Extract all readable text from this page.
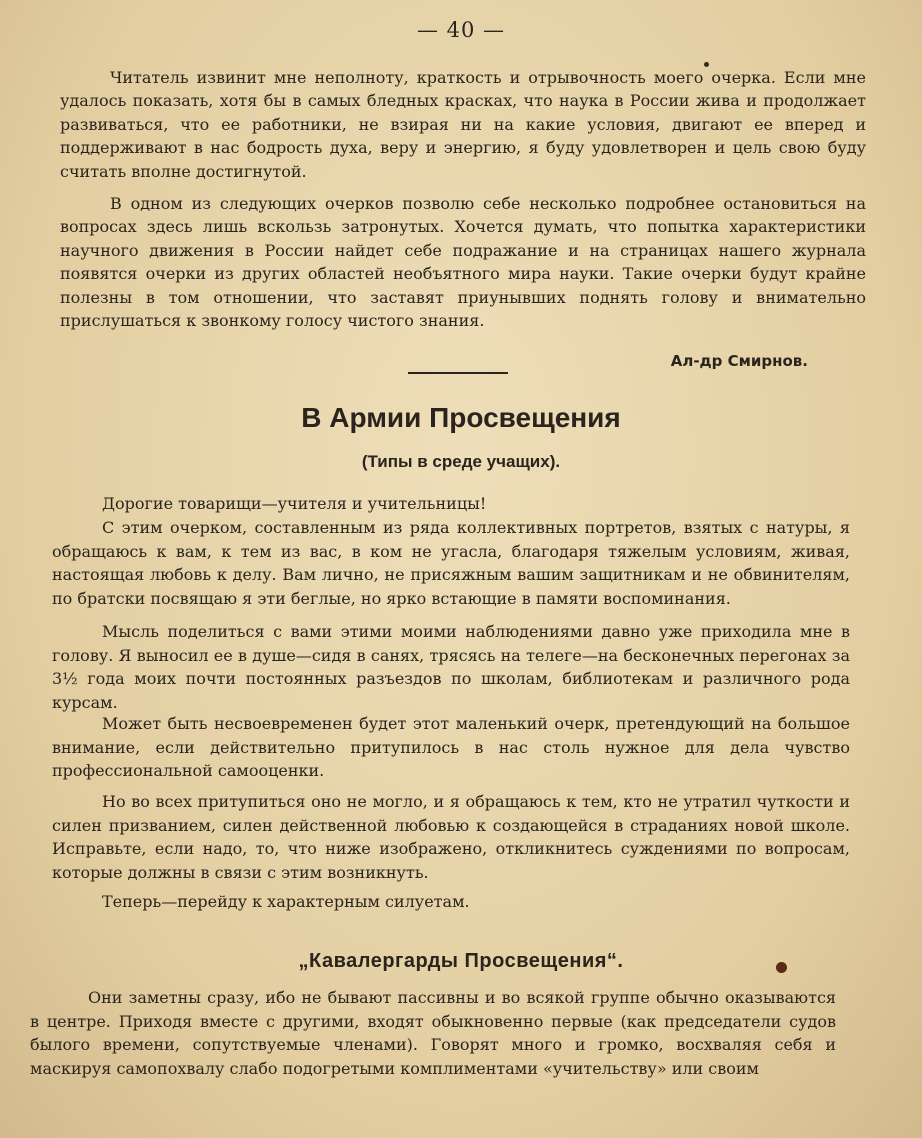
— 40 —

Читатель извинит мне неполноту, краткость и отрывочность моего очерка. Если мне удалось показать, хотя бы в самых бледных красках, что наука в России жива и продолжает развиваться, что ее работники, не взирая ни на какие условия, двигают ее вперед и поддерживают в нас бодрость духа, веру и энергию, я буду удовлетворен и цель свою буду считать вполне достигнутой.

В одном из следующих очерков позволю себе несколько подробнее остановиться на вопросах здесь лишь вскользь затронутых. Хочется думать, что попытка характеристики научного движения в России найдет себе подражание и на страницах нашего журнала появятся очерки из других областей необъятного мира науки. Такие очерки будут крайне полезны в том отношении, что заставят приунывших поднять голову и внимательно прислушаться к звонкому голосу чистого знания.

Ал-др Смирнов.
В Армии Просвещения
(Типы в среде учащих).
Дорогие товарищи—учителя и учительницы!

С этим очерком, составленным из ряда коллективных портретов, взятых с натуры, я обращаюсь к вам, к тем из вас, в ком не угасла, благодаря тяжелым условиям, живая, настоящая любовь к делу. Вам лично, не присяжным вашим защитникам и не обвинителям, по братски посвящаю я эти беглые, но ярко встающие в памяти воспоминания.

Мысль поделиться с вами этими моими наблюдениями давно уже приходила мне в голову. Я выносил ее в душе—сидя в санях, трясясь на телеге—на бесконечных перегонах за 3½ года моих почти постоянных разъездов по школам, библиотекам и различного рода курсам.

Может быть несвоевременен будет этот маленький очерк, претендующий на большое внимание, если действительно притупилось в нас столь нужное для дела чувство профессиональной самооценки.

Но во всех притупиться оно не могло, и я обращаюсь к тем, кто не утратил чуткости и силен призванием, силен действенной любовью к создающейся в страданиях новой школе. Исправьте, если надо, то, что ниже изображено, откликнитесь суждениями по вопросам, которые должны в связи с этим возникнуть.

Теперь—перейду к характерным силуетам.

„Кавалергарды Просвещения“.

Они заметны сразу, ибо не бывают пассивны и во всякой группе обычно оказываются в центре. Приходя вместе с другими, входят обыкновенно первые (как председатели судов былого времени, сопутствуемые членами). Говорят много и громко, восхваляя себя и маскируя самопохвалу слабо подогретыми комплиментами «учительству» или своим
